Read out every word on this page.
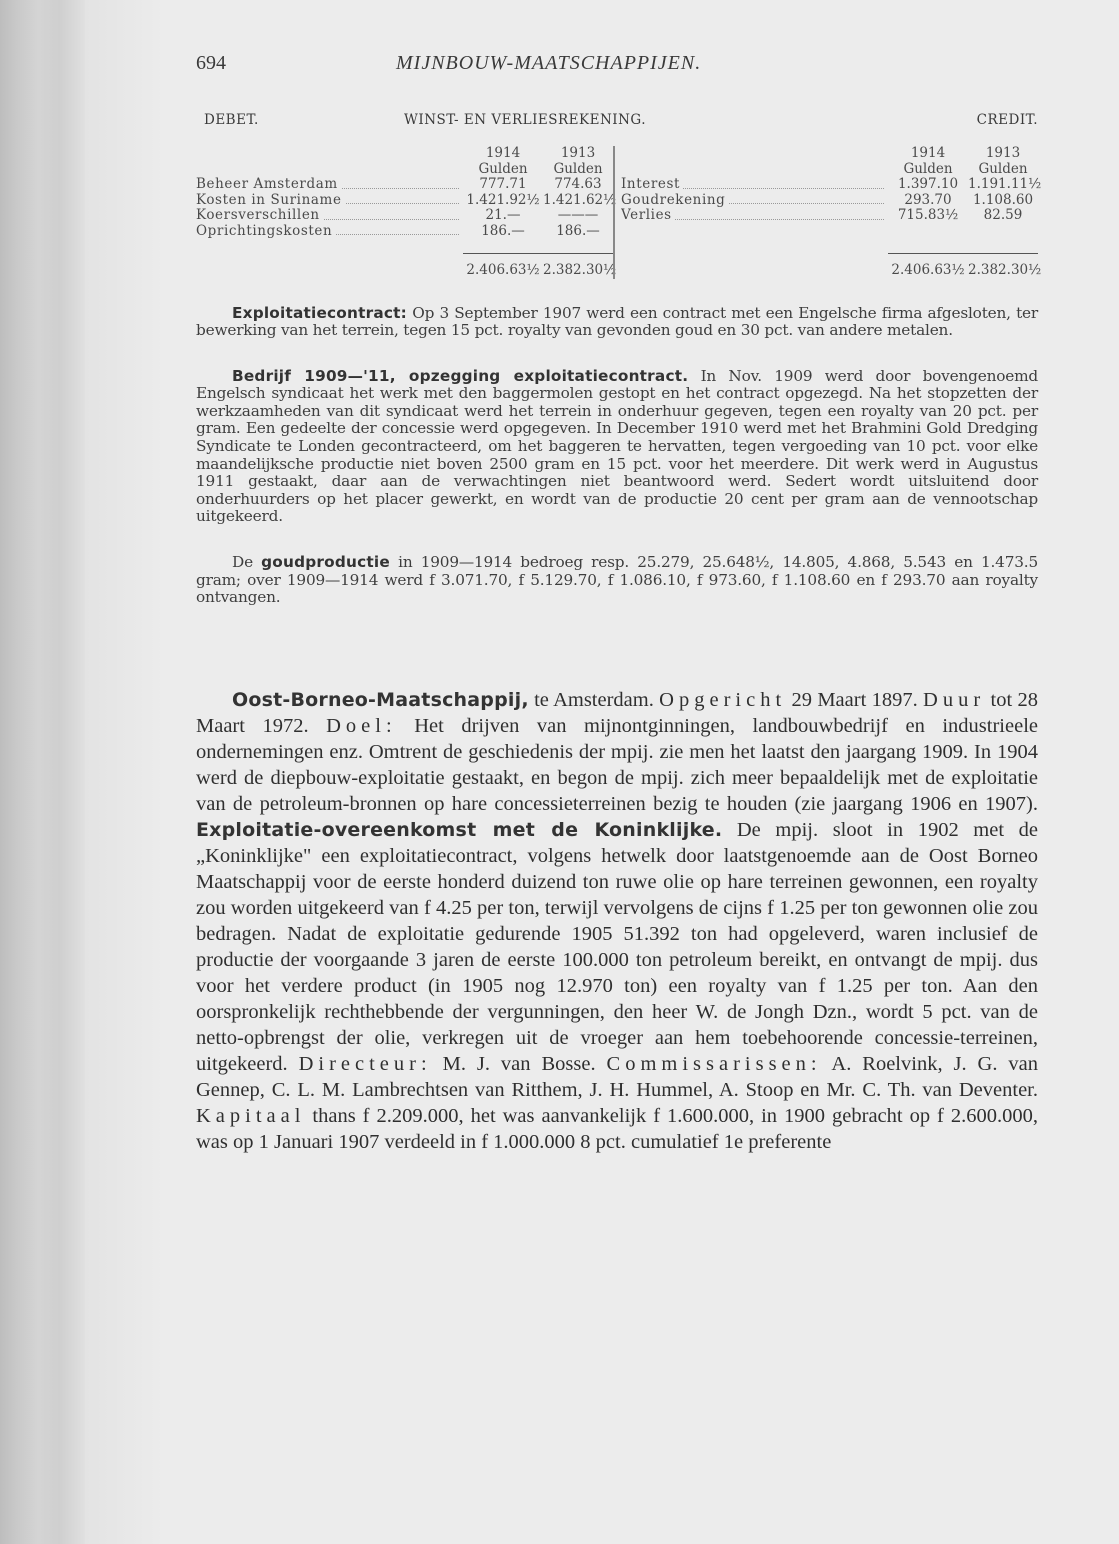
694	MIJNBOUW-MAATSCHAPPIJEN.
DEBET.	WINST- EN VERLIESREKENING.	CREDIT.
1914	1913
Gulden	Gulden
Beheer Amsterdam	777.71	774.63
Kosten in Suriname	1.421.92½ 1.421.62½
Koersverschillen	21.—	———
Oprichtingskosten	186.—	186.—
2.406.63½ 2.382.30½
1914	1913
Gulden	Gulden
Interest	1.397.10 1.191.11½
Goudrekening	293.70	1.108.60
Verlies	715.83½	82.59
2.406.63½ 2.382.30½

Exploitatiecontract: Op 3 September 1907 werd een contract met een Engelsche firma afgesloten, ter bewerking van het terrein, tegen 15 pct. royalty van gevonden goud en 30 pct. van andere metalen.

Bedrijf 1909—'11, opzegging exploitatiecontract. In Nov. 1909 werd door bovengenoemd Engelsch syndicaat het werk met den baggermolen gestopt en het contract opgezegd. Na het stopzetten der werkzaamheden van dit syndicaat werd het terrein in onderhuur gegeven, tegen een royalty van 20 pct. per gram. Een gedeelte der concessie werd opgegeven. In December 1910 werd met het Brahmini Gold Dredging Syndicate te Londen gecontracteerd, om het baggeren te hervatten, tegen vergoeding van 10 pct. voor elke maandelijksche productie niet boven 2500 gram en 15 pct. voor het meerdere. Dit werk werd in Augustus 1911 gestaakt, daar aan de verwachtingen niet beantwoord werd. Sedert wordt uitsluitend door onderhuurders op het placer gewerkt, en wordt van de productie 20 cent per gram aan de vennootschap uitgekeerd.

De goudproductie in 1909—1914 bedroeg resp. 25.279, 25.648½, 14.805, 4.868, 5.543 en 1.473.5 gram; over 1909—1914 werd f 3.071.70, f 5.129.70, f 1.086.10, f 973.60, f 1.108.60 en f 293.70 aan royalty ontvangen.

Oost-Borneo-Maatschappij, te Amsterdam. Opgericht 29 Maart 1897. Duur tot 28 Maart 1972. Doel: Het drijven van mijnontginningen, landbouwbedrijf en industrieele ondernemingen enz. Omtrent de geschiedenis der mpij. zie men het laatst den jaargang 1909. In 1904 werd de diepbouw-exploitatie gestaakt, en begon de mpij. zich meer bepaaldelijk met de exploitatie van de petroleum-bronnen op hare concessieterreinen bezig te houden (zie jaargang 1906 en 1907). Exploitatie-overeenkomst met de Koninklijke. De mpij. sloot in 1902 met de „Koninklijke" een exploitatiecontract, volgens hetwelk door laatstgenoemde aan de Oost Borneo Maatschappij voor de eerste honderd duizend ton ruwe olie op hare terreinen gewonnen, een royalty zou worden uitgekeerd van f 4.25 per ton, terwijl vervolgens de cijns f 1.25 per ton gewonnen olie zou bedragen. Nadat de exploitatie gedurende 1905 51.392 ton had opgeleverd, waren inclusief de productie der voorgaande 3 jaren de eerste 100.000 ton petroleum bereikt, en ontvangt de mpij. dus voor het verdere product (in 1905 nog 12.970 ton) een royalty van f 1.25 per ton. Aan den oorspronkelijk rechthebbende der vergunningen, den heer W. de Jongh Dzn., wordt 5 pct. van de netto-opbrengst der olie, verkregen uit de vroeger aan hem toebehoorende concessie-terreinen, uitgekeerd. Directeur: M. J. van Bosse. Commissarissen: A. Roelvink, J. G. van Gennep, C. L. M. Lambrechtsen van Ritthem, J. H. Hummel, A. Stoop en Mr. C. Th. van Deventer. Kapitaal thans f 2.209.000, het was aanvankelijk f 1.600.000, in 1900 gebracht op f 2.600.000, was op 1 Januari 1907 verdeeld in f 1.000.000 8 pct. cumulatief 1e preferente
